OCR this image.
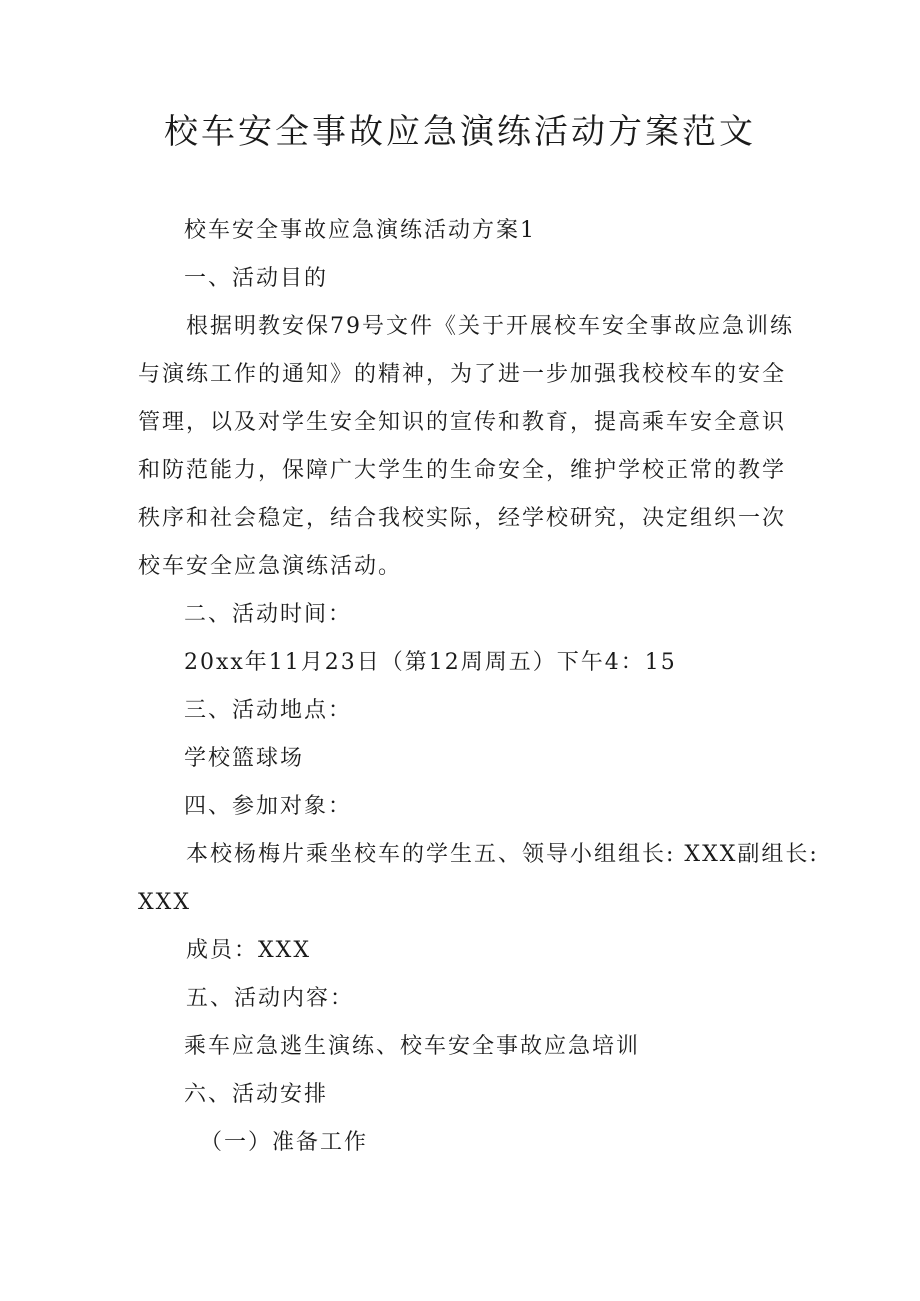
校车安全事故应急演练活动方案范文
校车安全事故应急演练活动方案1
一、活动目的
根据明教安保79号文件《关于开展校车安全事故应急训练
与演练工作的通知》的精神，为了进一步加强我校校车的安全
管理，以及对学生安全知识的宣传和教育，提高乘车安全意识
和防范能力，保障广大学生的生命安全，维护学校正常的教学
秩序和社会稳定，结合我校实际，经学校研究，决定组织一次
校车安全应急演练活动。
二、活动时间：
20xx年11月23日（第12周周五）下午4：15
三、活动地点：
学校篮球场
四、参加对象：
本校杨梅片乘坐校车的学生五、领导小组组长: XXX副组长:
XXX
成员：XXX
五、活动内容：
乘车应急逃生演练、校车安全事故应急培训
六、活动安排
（一）准备工作
